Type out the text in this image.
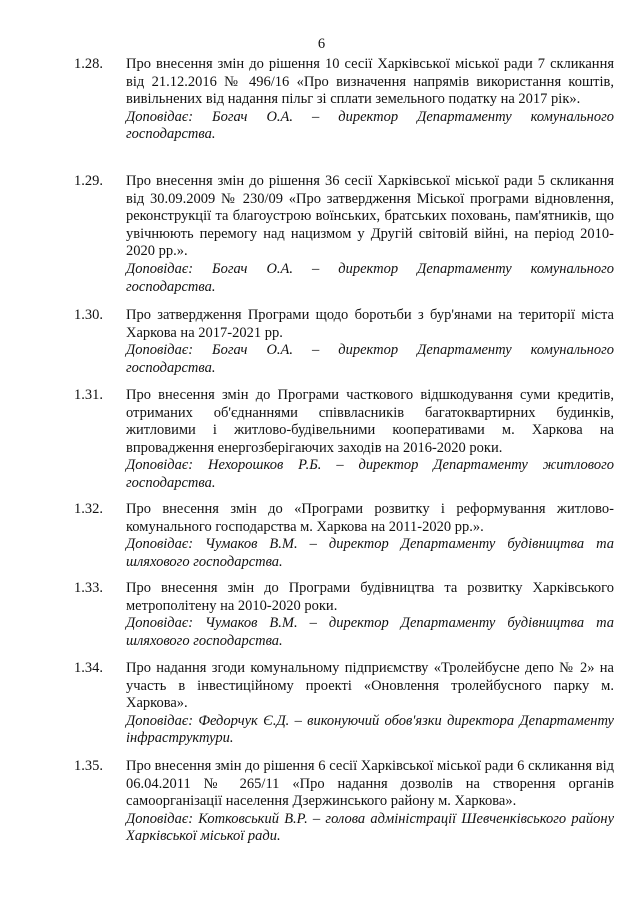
6
1.28.	Про внесення змін до рішення 10 сесії Харківської міської ради 7 скликання від 21.12.2016 № 496/16 «Про визначення напрямів використання коштів, вивільнених від надання пільг зі сплати земельного податку на 2017 рік».

Доповідає: Богач О.А. – директор Департаменту комунального господарства.

1.29.	Про внесення змін до рішення 36 сесії Харківської міської ради 5 скликання від 30.09.2009 № 230/09 «Про затвердження Міської програми відновлення, реконструкції та благоустрою воїнських, братських поховань, пам'ятників, що увічнюють перемогу над нацизмом у Другій світовій війні, на період 2010-2020 рр.».

Доповідає: Богач О.А. – директор Департаменту комунального господарства.

1.30.	Про затвердження Програми щодо боротьби з бур'янами на території міста Харкова на 2017-2021 рр.

Доповідає: Богач О.А. – директор Департаменту комунального господарства.

1.31.	Про внесення змін до Програми часткового відшкодування суми кредитів, отриманих об'єднаннями співвласників багатоквартирних будинків, житловими і житлово-будівельними кооперативами м. Харкова на впровадження енергозберігаючих заходів на 2016-2020 роки.

Доповідає: Нехорошков Р.Б. – директор Департаменту житлового господарства.

1.32.	Про внесення змін до «Програми розвитку і реформування житлово-комунального господарства м. Харкова на 2011-2020 рр.».

Доповідає: Чумаков В.М. – директор Департаменту будівництва та шляхового господарства.

1.33.	Про внесення змін до Програми будівництва та розвитку Харківського метрополітену на 2010-2020 роки.

Доповідає: Чумаков В.М. – директор Департаменту будівництва та шляхового господарства.

1.34.	Про надання згоди комунальному підприємству «Тролейбусне депо № 2» на участь в інвестиційному проекті «Оновлення тролейбусного парку м. Харкова».

Доповідає: Федорчук Є.Д. – виконуючий обов'язки директора Департаменту інфраструктури.

1.35.	Про внесення змін до рішення 6 сесії Харківської міської ради 6 скликання від 06.04.2011 № 265/11 «Про надання дозволів на створення органів самоорганізації населення Дзержинського району м. Харкова».

Доповідає: Котковський В.Р. – голова адміністрації Шевченківського району Харківської міської ради.
